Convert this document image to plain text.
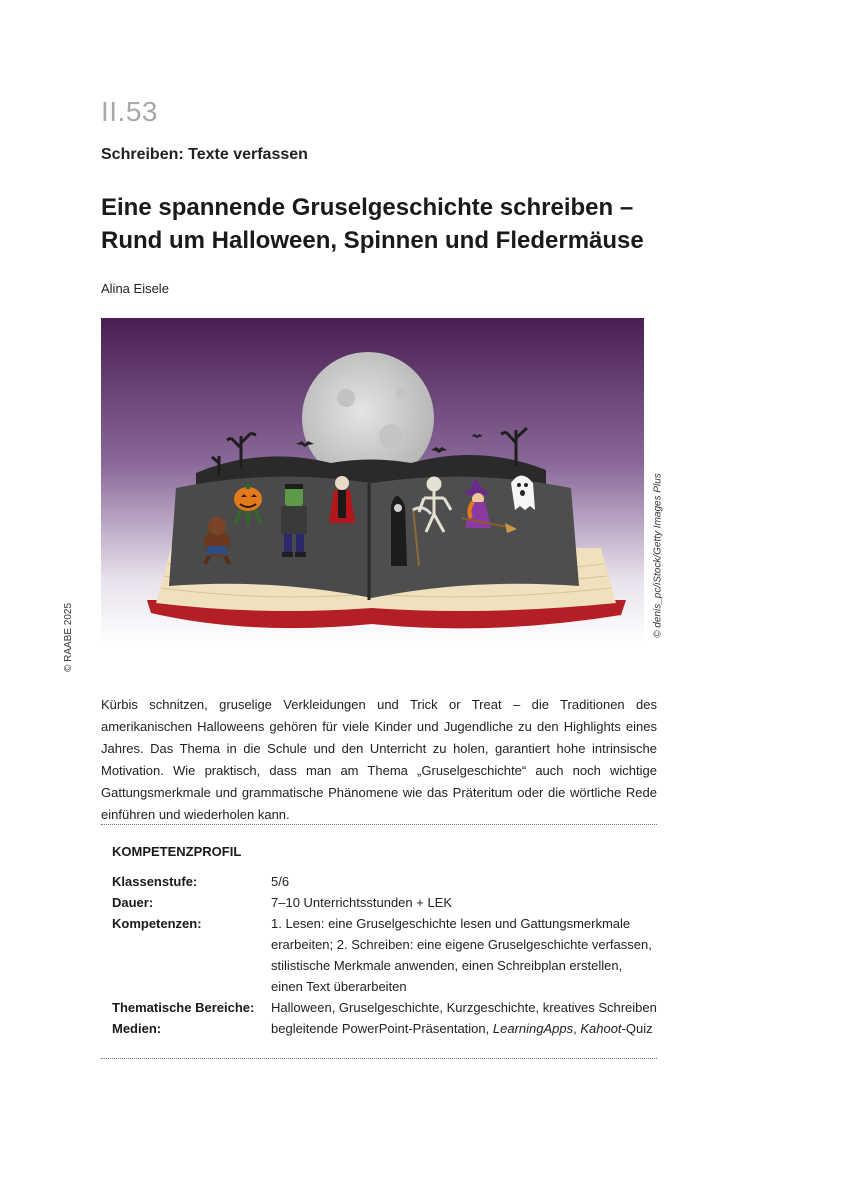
II.53
Schreiben: Texte verfassen
Eine spannende Gruselgeschichte schreiben –
Rund um Halloween, Spinnen und Fledermäuse
Alina Eisele
© RAABE 2025	© denis_pc/iStock/Getty Images Plus
Kürbis schnitzen, gruselige Verkleidungen und Trick or Treat – die Traditionen des amerikanischen Halloweens gehören für viele Kinder und Jugendliche zu den Highlights eines Jahres. Das Thema in die Schule und den Unterricht zu holen, garantiert hohe intrinsische Motivation. Wie praktisch, dass man am Thema „Gruselgeschichte“ auch noch wichtige Gattungsmerkmale und grammatische Phänomene wie das Präteritum oder die wörtliche Rede einführen und wiederholen kann.
KOMPETENZPROFIL
Klassenstufe:	5/6
Dauer:	7–10 Unterrichtsstunden + LEK
Kompetenzen:	1. Lesen: eine Gruselgeschichte lesen und Gattungsmerkmale erarbeiten; 2. Schreiben: eine eigene Gruselgeschichte verfassen, stilistische Merkmale anwenden, einen Schreibplan erstellen, einen Text überarbeiten
Thematische Bereiche:	Halloween, Gruselgeschichte, Kurzgeschichte, kreatives Schreiben
Medien:	begleitende PowerPoint-Präsentation, LearningApps, Kahoot-Quiz
